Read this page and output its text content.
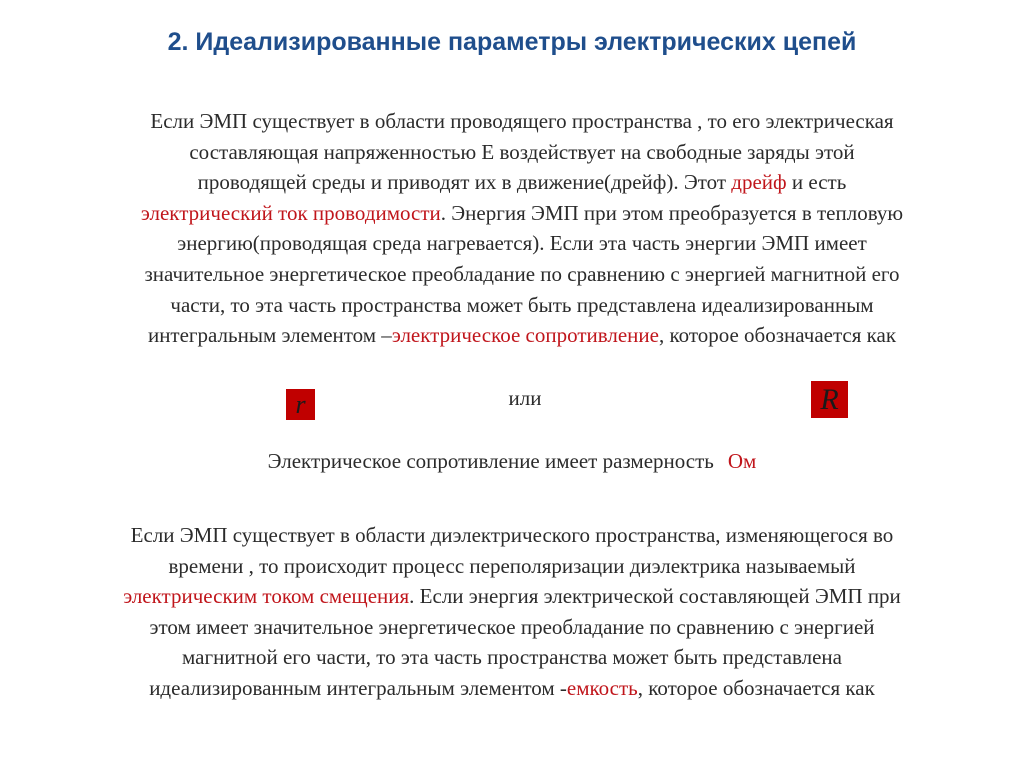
2. Идеализированные параметры электрических цепей

Если ЭМП существует в области проводящего пространства , то его электрическая
составляющая напряженностью Е воздействует на свободные заряды этой
проводящей среды и приводят их в движение(дрейф). Этот дрейф и есть
электрический ток проводимости. Энергия ЭМП при этом преобразуется в тепловую
энергию(проводящая среда нагревается). Если эта часть энергии ЭМП имеет
значительное энергетическое преобладание по сравнению с энергией магнитной его
части, то эта часть пространства может быть представлена идеализированным
интегральным элементом –электрическое сопротивление, которое обозначается как

r	или	R
Электрическое сопротивление имеет размерность Ом

Если ЭМП существует в области диэлектрического пространства, изменяющегося во
времени , то происходит процесс переполяризации диэлектрика называемый
электрическим током смещения. Если энергия электрической составляющей ЭМП при
этом имеет значительное энергетическое преобладание по сравнению с энергией
магнитной его части, то эта часть пространства может быть представлена
идеализированным интегральным элементом -емкость, которое обозначается как
